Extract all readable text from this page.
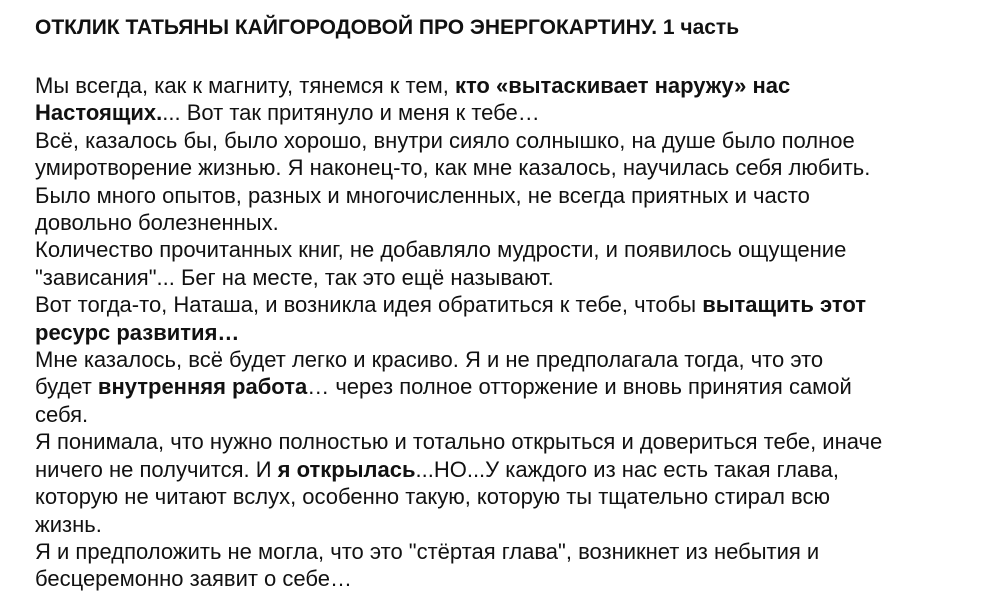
ОТКЛИК ТАТЬЯНЫ КАЙГОРОДОВОЙ ПРО ЭНЕРГОКАРТИНУ. 1 часть
Мы всегда, как к магниту, тянемся к тем, кто «вытаскивает наружу» нас
Настоящих.... Вот так притянуло и меня к тебе…
Всё, казалось бы, было хорошо, внутри сияло солнышко, на душе было полное
умиротворение жизнью. Я наконец-то, как мне казалось, научилась себя любить.
Было много опытов, разных и многочисленных, не всегда приятных и часто
довольно болезненных.
Количество прочитанных книг, не добавляло мудрости, и появилось ощущение
"зависания"... Бег на месте, так это ещё называют.
Вот тогда-то, Наташа, и возникла идея обратиться к тебе, чтобы вытащить этот
ресурс развития…
Мне казалось, всё будет легко и красиво. Я и не предполагала тогда, что это
будет внутренняя работа… через полное отторжение и вновь принятия самой
себя.
Я понимала, что нужно полностью и тотально открыться и довериться тебе, иначе
ничего не получится. И я открылась...НО...У каждого из нас есть такая глава,
которую не читают вслух, особенно такую, которую ты тщательно стирал всю
жизнь.
Я и предположить не могла, что это "стёртая глава", возникнет из небытия и
бесцеремонно заявит о себе…
